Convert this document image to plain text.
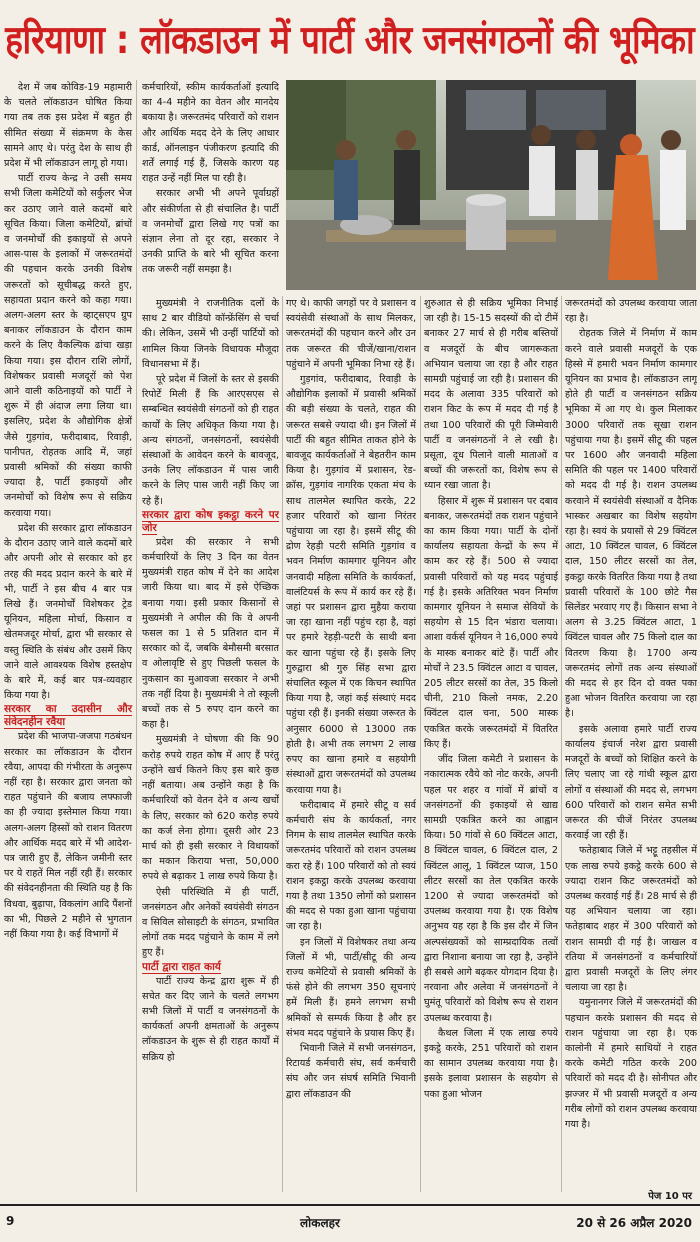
हरियाणा : लॉकडाउन में पार्टी और जनसंगठनों की भूमिका

देश में जब कोविड-19 महामारी के चलते लॉकडाउन घोषित किया गया तब तक इस प्रदेश में बहुत ही सीमित संख्या में संक्रमण के केस सामने आए थे। परंतु देश के साथ ही प्रदेश में भी लॉकडाउन लागू हो गया।

पार्टी राज्य केन्द्र ने उसी समय सभी जिला कमेटियों को सर्कुलर भेज कर उठाए जाने वाले कदमों बारे सूचित किया। जिला कमेटियों, ब्रांचों व जनमोर्चों की इकाइयों से अपने आस-पास के इलाकों में जरूरतमंदों की पहचान करके उनकी विशेष जरूरतों को सूचीबद्ध करते हुए, सहायता प्रदान करने को कहा गया। अलग-अलग स्तर के व्हाट्सएप ग्रुप बनाकर लॉकडाउन के दौरान काम करने के लिए वैकल्पिक ढांचा खड़ा किया गया। इस दौरान राशि लोगों, विशेषकर प्रवासी मजदूरों को पेश आने वाली कठिनाइयों को पार्टी ने शुरू में ही अंदाज लगा लिया था। इसलिए, प्रदेश के औद्योगिक क्षेत्रों जैसे गुड़गांव, फरीदाबाद, रिवाड़ी, पानीपत, रोहतक आदि में, जहां प्रवासी श्रमिकों की संख्या काफी ज्यादा है, पार्टी इकाइयों और जनमोर्चों को विशेष रूप से सक्रिय करवाया गया।

प्रदेश की सरकार द्वारा लॉकडाउन के दौरान उठाए जाने वाले कदमों बारे और अपनी ओर से सरकार को हर तरह की मदद प्रदान करने के बारे में भी, पार्टी ने इस बीच 4 बार पत्र लिखे हैं। जनमोर्चों विशेषकर ट्रेड यूनियन, महिला मोर्चा, किसान व खेतमजदूर मोर्चा, द्वारा भी सरकार से वस्तु स्थिति के संबंध और उसमें किए जाने वाले आवश्यक विशेष हस्तक्षेप के बारे में, कई बार पत्र-व्यवहार किया गया है।

सरकार का उदासीन और संवेदनहीन रवैया

प्रदेश की भाजपा-जजपा गठबंधन सरकार का लॉकडाउन के दौरान रवैया, आपदा की गंभीरता के अनुरूप नहीं रहा है। सरकार द्वारा जनता को राहत पहुंचाने की बजाय लफ्फाजी का ही ज्यादा इस्तेमाल किया गया। अलग-अलग हिस्सों को राशन वितरण और आर्थिक मदद बारे में भी आदेश-पत्र जारी हुए हैं, लेकिन जमीनी स्तर पर ये राहतें मिल नहीं रही हैं। सरकार की संवेदनहीनता की स्थिति यह है कि विधवा, बुढ़ापा, विकलांग आदि पैंशनों का भी, पिछले 2 महीने से भुगतान नहीं किया गया है। कई विभागों में

कर्मचारियों, स्कीम कार्यकर्ताओं इत्यादि का 4-4 महीने का वेतन और मानदेय बकाया है। जरूरतमंद परिवारों को राशन और आर्थिक मदद देने के लिए आधार कार्ड, ऑनलाइन पंजीकरण इत्यादि की शर्तें लगाई गई हैं, जिसके कारण यह राहत उन्हें नहीं मिल पा रही है।

सरकार अभी भी अपने पूर्वाग्रहों और संकीर्णता से ही संचालित है। पार्टी व जनमोर्चों द्वारा लिखे गए पत्रों का संज्ञान लेना तो दूर रहा, सरकार ने उनकी प्राप्ति के बारे भी सूचित करना तक जरूरी नहीं समझा है।

मुख्यमंत्री ने राजनीतिक दलों के साथ 2 बार वीडियो कॉन्फ्रेंसिंग से चर्चा की। लेकिन, उसमें भी उन्हीं पार्टियों को शामिल किया जिनके विधायक मौजूदा विधानसभा में हैं।

पूरे प्रदेश में जिलों के स्तर से इसकी रिपोर्टें मिली हैं कि आरएसएस से सम्बन्धित स्वयंसेवी संगठनों को ही राहत कार्यों के लिए अधिकृत किया गया है। अन्य संगठनों, जनसंगठनों, स्वयंसेवी संस्थाओं के आवेदन करने के बावजूद, उनके लिए लॉकडाउन में पास जारी करने के लिए पास जारी नहीं किए जा रहे हैं।

सरकार द्वारा कोष इकट्ठा करने पर जोर

प्रदेश की सरकार ने सभी कर्मचारियों के लिए 3 दिन का वेतन मुख्यमंत्री राहत कोष में देने का आदेश जारी किया था। बाद में इसे ऐच्छिक बनाया गया। इसी प्रकार किसानों से मुख्यमंत्री ने अपील की कि वे अपनी फसल का 1 से 5 प्रतिशत दान में सरकार को दें, जबकि बेमौसमी बरसात व ओलावृष्टि से हुए पिछली फसल के नुकसान का मुआवजा सरकार ने अभी तक नहीं दिया है। मुख्यमंत्री ने तो स्कूली बच्चों तक से 5 रुपए दान करने का कहा है।

मुख्यमंत्री ने घोषणा की कि 90 करोड़ रुपये राहत कोष में आए हैं परंतु उन्होंने खर्च कितने किए इस बारे कुछ नहीं बताया। अब उन्होंने कहा है कि कर्मचारियों को वेतन देने व अन्य खर्चों के लिए, सरकार को 620 करोड़ रुपये का कर्ज लेना होगा। दूसरी ओर 23 मार्च को ही इसी सरकार ने विधायकों का मकान किराया भत्ता, 50,000 रुपये से बढ़ाकर 1 लाख रुपये किया है।

ऐसी परिस्थिति में ही पार्टी, जनसंगठन और अनेकों स्वयंसेवी संगठन व सिविल सोसाइटी के संगठन, प्रभावित लोगों तक मदद पहुंचाने के काम में लगे हुए हैं।

पार्टी द्वारा राहत कार्य

पार्टी राज्य केन्द्र द्वारा शुरू में ही सचेत कर दिए जाने के चलते लगभग सभी जिलों में पार्टी व जनसंगठनों के कार्यकर्ता अपनी क्षमताओं के अनुरूप लॉकडाउन के शुरू से ही राहत कार्यों में सक्रिय हो

गए थे। काफी जगहों पर वे प्रशासन व स्वयंसेवी संस्थाओं के साथ मिलकर, जरूरतमंदों की पहचान करने और उन तक जरूरत की चीजें/खाना/राशन पहुंचाने में अपनी भूमिका निभा रहे हैं।

गुड़गांव, फरीदाबाद, रिवाड़ी के औद्योगिक इलाकों में प्रवासी श्रमिकों की बड़ी संख्या के चलते, राहत की जरूरत सबसे ज्यादा थी। इन जिलों में पार्टी की बहुत सीमित ताकत होने के बावजूद कार्यकर्ताओं ने बेहतरीन काम किया है। गुड़गांव में प्रशासन, रेड-क्रॉस, गुड़गांव नागरिक एकता मंच के साथ तालमेल स्थापित करके, 22 हजार परिवारों को खाना निरंतर पहुंचाया जा रहा है। इसमें सीटू की द्रोण रेहड़ी पटरी समिति गुड़गांव व भवन निर्माण कामगार यूनियन और जनवादी महिला समिति के कार्यकर्ता, वालंटियर्स के रूप में कार्य कर रहे हैं। जहां पर प्रशासन द्वारा मुहैया कराया जा रहा खाना नहीं पहुंच रहा है, वहां पर हमारे रेहड़ी-पटरी के साथी बना कर खाना पहुंचा रहे हैं। इसके लिए गुरुद्वारा श्री गुरु सिंह सभा द्वारा संचालित स्कूल में एक किचन स्थापित किया गया है, जहां कई संस्थाएं मदद पहुंचा रही हैं। इनकी संख्या जरूरत के अनुसार 6000 से 13000 तक होती है। अभी तक लगभग 2 लाख रुपए का खाना हमारे व सहयोगी संस्थाओं द्वारा जरूरतमंदों को उपलब्ध करवाया गया है।

फरीदाबाद में हमारे सीटू व सर्व कर्मचारी संघ के कार्यकर्ता, नगर निगम के साथ तालमेल स्थापित करके जरूरतमंद परिवारों को राशन उपलब्ध करा रहे हैं। 100 परिवारों को तो स्वयं राशन इकट्ठा करके उपलब्ध करवाया गया है तथा 1350 लोगों को प्रशासन की मदद से पका हुआ खाना पहुंचाया जा रहा है।

इन जिलों में विशेषकर तथा अन्य जिलों में भी, पार्टी/सीटू की अन्य राज्य कमेटियों से प्रवासी श्रमिकों के फंसे होने की लगभग 350 सूचनाएं हमें मिली हैं। हमने लगभग सभी श्रमिकों से सम्पर्क किया है और हर संभव मदद पहुंचाने के प्रयास किए हैं।

भिवानी जिले में सभी जनसंगठन, रिटायर्ड कर्मचारी संघ, सर्व कर्मचारी संघ और जन संघर्ष समिति भिवानी द्वारा लॉकडाउन की

शुरुआत से ही सक्रिय भूमिका निभाई जा रही है। 15-15 सदस्यों की दो टीमें बनाकर 27 मार्च से ही गरीब बस्तियों व मजदूरों के बीच जागरूकता अभियान चलाया जा रहा है और राहत सामग्री पहुंचाई जा रही है। प्रशासन की मदद के अलावा 335 परिवारों को राशन किट के रूप में मदद दी गई है तथा 100 परिवारों की पूरी जिम्मेवारी पार्टी व जनसंगठनों ने ले रखी है। प्रसूता, दूध पिलाने वाली माताओं व बच्चों की जरूरतों का, विशेष रूप से ध्यान रखा जाता है।

हिसार में शुरू में प्रशासन पर दबाव बनाकर, जरूरतमंदों तक राशन पहुंचाने का काम किया गया। पार्टी के दोनों कार्यालय सहायता केन्द्रों के रूप में काम कर रहे हैं। 500 से ज्यादा प्रवासी परिवारों को यह मदद पहुंचाई गई है। इसके अतिरिक्त भवन निर्माण कामगार यूनियन ने समाज सेवियों के सहयोग से 15 दिन भंडारा चलाया। आशा वर्कर्स यूनियन ने 16,000 रुपये के मास्क बनाकर बांटे हैं। पार्टी और मोर्चों ने 23.5 क्विंटल आटा व चावल, 205 लीटर सरसों का तेल, 35 किलो चीनी, 210 किलो नमक, 2.20 क्विंटल दाल चना, 500 मास्क एकत्रित करके जरूरतमंदों में वितरित किए हैं।

जींद जिला कमेटी ने प्रशासन के नकारात्मक रवैये को नोट करके, अपनी पहल पर शहर व गांवों में ब्रांचों व जनसंगठनों की इकाइयों से खाद्य सामग्री एकत्रित करने का आह्वान किया। 50 गांवों से 60 क्विंटल आटा, 8 क्विंटल चावल, 6 क्विंटल दाल, 2 क्विंटल आलू, 1 क्विंटल प्याज, 150 लीटर सरसों का तेल एकत्रित करके 1200 से ज्यादा जरूरतमंदों को उपलब्ध करवाया गया है। एक विशेष अनुभव यह रहा है कि इस दौर में जिन अल्पसंख्यकों को साम्प्रदायिक तत्वों द्वारा निशाना बनाया जा रहा है, उन्होंने ही सबसे आगे बढ़कर योगदान दिया है। नरवाना और अलेवा में जनसंगठनों ने घुमंतू परिवारों को विशेष रूप से राशन उपलब्ध करवाया है।

कैथल जिला में एक लाख रुपये इकट्ठे करके, 251 परिवारों को राशन का सामान उपलब्ध करवाया गया है। इसके इलावा प्रशासन के सहयोग से पका हुआ भोजन

जरूरतमंदों को उपलब्ध करवाया जाता रहा है।

रोहतक जिले में निर्माण में काम करने वाले प्रवासी मजदूरों के एक हिस्से में हमारी भवन निर्माण कामगार यूनियन का प्रभाव है। लॉकडाउन लागू होते ही पार्टी व जनसंगठन सक्रिय भूमिका में आ गए थे। कुल मिलाकर 3000 परिवारों तक सूखा राशन पहुंचाया गया है। इसमें सीटू की पहल पर 1600 और जनवादी महिला समिति की पहल पर 1400 परिवारों को मदद दी गई है। राशन उपलब्ध करवाने में स्वयंसेवी संस्थाओं व दैनिक भास्कर अखबार का विशेष सहयोग रहा है। स्वयं के प्रयासों से 29 क्विंटल आटा, 10 क्विंटल चावल, 6 क्विंटल दाल, 150 लीटर सरसों का तेल, इकट्ठा करके वितरित किया गया है तथा प्रवासी परिवारों के 100 छोटे गैस सिलेंडर भरवाए गए हैं। किसान सभा ने अलग से 3.25 क्विंटल आटा, 1 क्विंटल चावल और 75 किलो दाल का वितरण किया है। 1700 अन्य जरूरतमंद लोगों तक अन्य संस्थाओं की मदद से हर दिन दो वक्त पका हुआ भोजन वितरित करवाया जा रहा है।

इसके अलावा हमारे पार्टी राज्य कार्यालय इंचार्ज नरेश द्वारा प्रवासी मजदूरों के बच्चों को शिक्षित करने के लिए चलाए जा रहे गांधी स्कूल द्वारा लोगों व संस्थाओं की मदद से, लगभग 600 परिवारों को राशन समेत सभी जरूरत की चीजें निरंतर उपलब्ध करवाई जा रही हैं।

फतेहाबाद जिले में भट्टू तहसील में एक लाख रुपये इकट्ठे करके 600 से ज्यादा राशन किट जरूरतमंदों को उपलब्ध करवाई गई हैं। 28 मार्च से ही यह अभियान चलाया जा रहा। फतेहाबाद शहर में 300 परिवारों को राशन सामग्री दी गई है। जाखल व रतिया में जनसंगठनों व कर्मचारियों द्वारा प्रवासी मजदूरों के लिए लंगर चलाया जा रहा है।

यमुनानगर जिले में जरूरतमंदों की पहचान करके प्रशासन की मदद से राशन पहुंचाया जा रहा है। एक कालोनी में हमारे साथियों ने राहत करके कमेटी गठित करके 200 परिवारों को मदद दी है। सोनीपत और झज्जर में भी प्रवासी मजदूरों व अन्य गरीब लोगों को राशन उपलब्ध करवाया गया है।

पेज 10 पर
9	लोकलहर	20 से 26 अप्रैल 2020
